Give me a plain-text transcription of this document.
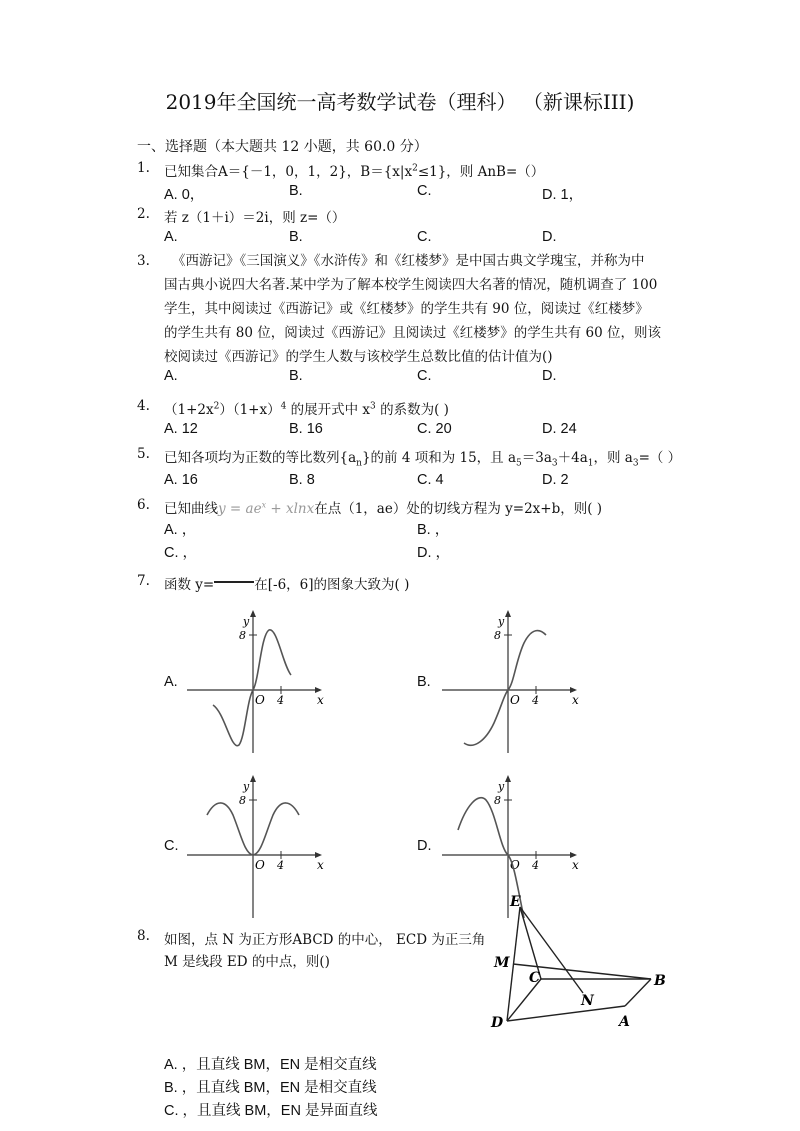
2019年全国统一高考数学试卷（理科） （新课标III)
一、选择题（本大题共 12 小题，共 60.0 分）
1. 已知集合A＝{－1，0，1，2}，$B=\{x|x^2\le 1\}$，则 AnB=（）
A. 0，	B.	C.	D. 1，
2. 若 z（1＋i）＝2i，则 z=（）
A.	B.	C.	D.
3. 《西游记》《三国演义》《水浒传》和《红楼梦》是中国古典文学瑰宝，并称为中
国古典小说四大名著.某中学为了解本校学生阅读四大名著的情况，随机调查了 100
学生，其中阅读过《西游记》或《红楼梦》的学生共有 90 位，阅读过《红楼梦》
的学生共有 80 位，阅读过《西游记》且阅读过《红楼梦》的学生共有 60 位，则该
校阅读过《西游记》的学生人数与该校学生总数比值的估计值为()
A.	B.	C.	D.
4. $(1+2x^2)(1+x)^4$ 的展开式中 $x^3$ 的系数为( )
A. 12	B. 16	C. 20	D. 24
5. 已知各项均为正数的等比数列$\{a_n\}$的前 4 项和为 15，且 $a_5=3a_3+4a_1$，则 $a_3=$（ ）
A. 16	B. 8	C. 4	D. 2
6. 已知曲线$y = ae^x + xlnx$在点（1，ae）处的切线方程为 y=2x+b，则( )
A. ，	B. ，
C. ，	D. ，
7. 函数 y=	在[-6，6]的图象大致为( )
A.
y
8
O 4	x
B.
y
8
O 4	x
C.
y
8
O 4	x
D.
y
8
O 4	x
8. 如图，点 N 为正方形ABCD 的中心， ECD 为正三角
M 是线段 ED 的中点，则()
E
M
C
N
B
D	A
A. ，且直线 BM，EN 是相交直线
B. ，且直线 BM，EN 是相交直线
C. ，且直线 BM，EN 是异面直线
